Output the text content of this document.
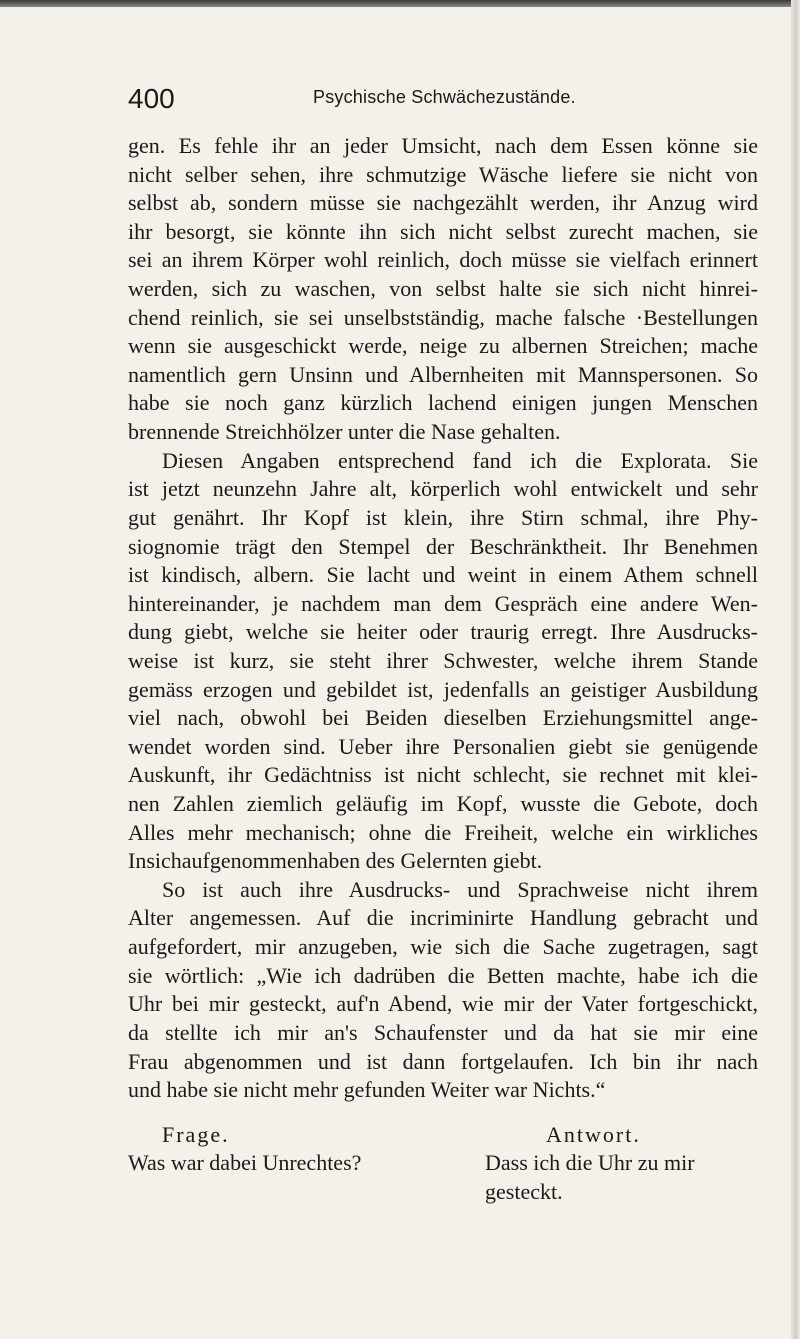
400	Psychische Schwächezustände.
gen. Es fehle ihr an jeder Umsicht, nach dem Essen könne sie
nicht selber sehen, ihre schmutzige Wäsche liefere sie nicht von
selbst ab, sondern müsse sie nachgezählt werden, ihr Anzug wird
ihr besorgt, sie könnte ihn sich nicht selbst zurecht machen, sie
sei an ihrem Körper wohl reinlich, doch müsse sie vielfach erinnert
werden, sich zu waschen, von selbst halte sie sich nicht hinrei-
chend reinlich, sie sei unselbstständig, mache falsche ·Bestellungen
wenn sie ausgeschickt werde, neige zu albernen Streichen; mache
namentlich gern Unsinn und Albernheiten mit Mannspersonen. So
habe sie noch ganz kürzlich lachend einigen jungen Menschen
brennende Streichhölzer unter die Nase gehalten.
Diesen Angaben entsprechend fand ich die Explorata. Sie
ist jetzt neunzehn Jahre alt, körperlich wohl entwickelt und sehr
gut genährt. Ihr Kopf ist klein, ihre Stirn schmal, ihre Phy-
siognomie trägt den Stempel der Beschränktheit. Ihr Benehmen
ist kindisch, albern. Sie lacht und weint in einem Athem schnell
hintereinander, je nachdem man dem Gespräch eine andere Wen-
dung giebt, welche sie heiter oder traurig erregt. Ihre Ausdrucks-
weise ist kurz, sie steht ihrer Schwester, welche ihrem Stande
gemäss erzogen und gebildet ist, jedenfalls an geistiger Ausbildung
viel nach, obwohl bei Beiden dieselben Erziehungsmittel ange-
wendet worden sind. Ueber ihre Personalien giebt sie genügende
Auskunft, ihr Gedächtniss ist nicht schlecht, sie rechnet mit klei-
nen Zahlen ziemlich geläufig im Kopf, wusste die Gebote, doch
Alles mehr mechanisch; ohne die Freiheit, welche ein wirkliches
Insichaufgenommenhaben des Gelernten giebt.
So ist auch ihre Ausdrucks- und Sprachweise nicht ihrem
Alter angemessen. Auf die incriminirte Handlung gebracht und
aufgefordert, mir anzugeben, wie sich die Sache zugetragen, sagt
sie wörtlich: „Wie ich dadrüben die Betten machte, habe ich die
Uhr bei mir gesteckt, auf'n Abend, wie mir der Vater fortgeschickt,
da stellte ich mir an's Schaufenster und da hat sie mir eine
Frau abgenommen und ist dann fortgelaufen. Ich bin ihr nach
und habe sie nicht mehr gefunden Weiter war Nichts.“
Frage.	Antwort.
Was war dabei Unrechtes?	Dass ich die Uhr zu mir
gesteckt.
